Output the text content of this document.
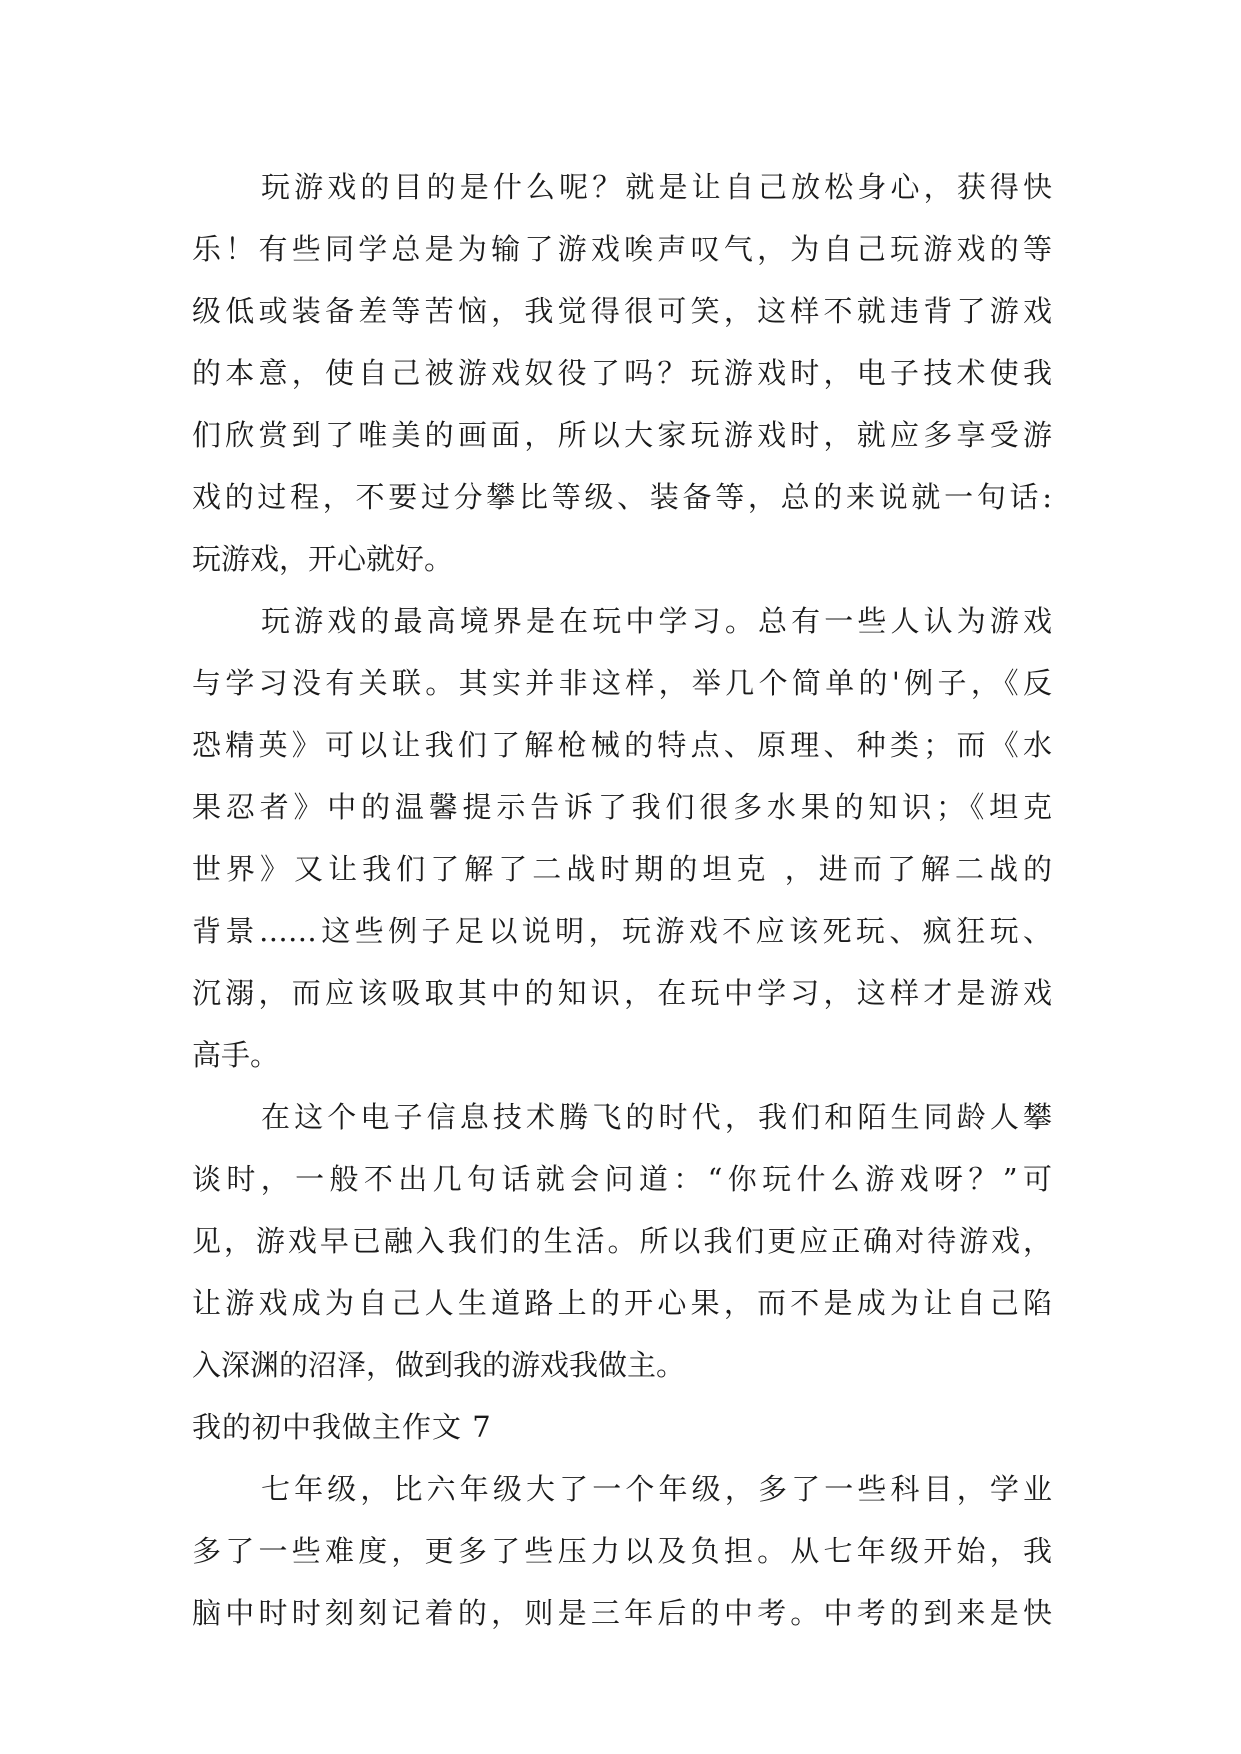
玩游戏的目的是什么呢？就是让自己放松身心，获得快
乐！有些同学总是为输了游戏唉声叹气，为自己玩游戏的等
级低或装备差等苦恼，我觉得很可笑，这样不就违背了游戏
的本意，使自己被游戏奴役了吗？玩游戏时，电子技术使我
们欣赏到了唯美的画面，所以大家玩游戏时，就应多享受游
戏的过程，不要过分攀比等级、装备等，总的来说就一句话:
玩游戏，开心就好。
玩游戏的最高境界是在玩中学习。总有一些人认为游戏
与学习没有关联。其实并非这样，举几个简单的'例子，《反
恐精英》可以让我们了解枪械的特点、原理、种类；而《水
果忍者》中的温馨提示告诉了我们很多水果的知识；《坦克
世界》又让我们了解了二战时期的坦克 ，进而了解二战的
背景……这些例子足以说明，玩游戏不应该死玩、疯狂玩、
沉溺，而应该吸取其中的知识，在玩中学习，这样才是游戏
高手。
在这个电子信息技术腾飞的时代，我们和陌生同龄人攀
谈时，一般不出几句话就会问道：“你玩什么游戏呀？”可
见，游戏早已融入我们的生活。所以我们更应正确对待游戏，
让游戏成为自己人生道路上的开心果，而不是成为让自己陷
入深渊的沼泽，做到我的游戏我做主。
我的初中我做主作文 7
七年级，比六年级大了一个年级，多了一些科目，学业
多了一些难度，更多了些压力以及负担。从七年级开始，我
脑中时时刻刻记着的，则是三年后的中考。中考的到来是快
